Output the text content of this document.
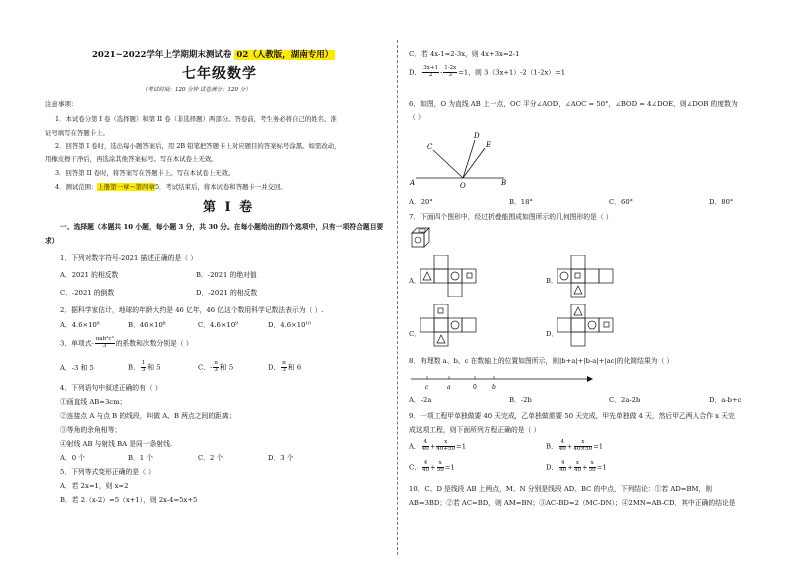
2021~2022学年上学期期末测试卷 02（人教版，湖南专用）
七年级数学
（考试时间：120 分钟 试卷满分：120 分）
注意事项：
1．本试卷分第 I 卷（选择题）和第 II 卷（非选择题）两部分。答卷前，考生务必将自己的姓名、准
证号填写在答题卡上。
2．回答第 I 卷时，选出每小题答案后，用 2B 铅笔把答题卡上对应题目的答案标号涂黑。如需改动，
用橡皮擦干净后，再选涂其他答案标号。写在本试卷上无效。
3．回答第 II 卷时，将答案写在答题卡上。写在本试卷上无效。
4．测试范围：上册第一章～第四章5．考试结束后，将本试卷和答题卡一并交回。
第 I 卷
一、选择题（本题共 10 小题，每小题 3 分，共 30 分。在每小题给出的四个选项中，只有一项符合题目要
求）
1．下列对数字符号-2021 描述正确的是（ ）
A．2021 的相反数	B．-2021 的绝对值
C．-2021 的倒数	D．-2021 的相反数
2．据科学家估计，地球的年龄大约是 46 亿年，46 亿这个数用科学记数法表示为（ ）.
A．4.6×10⁸	B．46×10⁸	C．4.6×10⁹	D．4.6×10¹⁰
3．单项式- $\frac{\text{πab²c³}}{3}$ 的系数和次数分别是（ ）
A．-3 和 5	B． $\frac{1}{3}$ 和 5	C．- $\frac{\pi}{3}$ 和 5	D． $\frac{\pi}{3}$ 和 6
4．下列语句中叙述正确的有（ ）
①画直线 AB=3cm；
②连接点 A 与点 B 的线段，叫做 A、B 两点之间的距离；
③等角的余角相等；
④射线 AB 与射线 BA 是同一条射线.
A．0 个	B．1 个	C．2 个	D．3 个
5．下列等式变形正确的是（ ）
A．若 2x=1，则 x=2
B．若 2（x-2）=5（x+1），则 2x-4=5x+5
C．若 4x-1=2-3x，则 4x+3x=2-1
D． $\frac{3x+1}{2} - \frac{1-2x}{3} =1$，则 3（3x+1）-2（1-2x）=1
6．如图，O 为直线 AB 上一点，OC 平分∠AOD，∠AOC = 50°，∠BOD = 4∠DOE，则∠DOB 的度数为
（ ）
C
D
E
A	O	B
A．20°	B．18°	C．60°	D．80°
7．下面四个图形中，经过折叠能围成如图所示的几何图形的是（ ）
A．	B．
C．	D．
8．有理数 a、b、c 在数轴上的位置如图所示，则|b+a|+|b-a|+|ac|的化简结果为（ ）
c	a	0	b
A．-2a	B．-2b	C．2a-2b	D．a-b+c
9．一项工程甲单独做要 40 天完成，乙单独做需要 50 天完成，甲先单独做 4 天，然后甲乙两人合作 x 天完
成这项工程，则下面所列方程正确的是（ ）
A． $\frac{4}{40} + \frac{x}{40+50} =1$	B． $\frac{4}{40} + \frac{x}{40\times 50} =1$
C． $\frac{4}{40} + \frac{x}{50} =1$	D． $\frac{4}{40} + \frac{x}{40} + \frac{x}{50} =1$
10．C、D 是线段 AB 上两点，M、N 分别是线段 AD、BC 的中点，下列结论：①若 AD=BM，则
AB=3BD；②若 AC=BD，则 AM=BN；③AC-BD=2（MC-DN）；④2MN=AB-CD．其中正确的结论是
